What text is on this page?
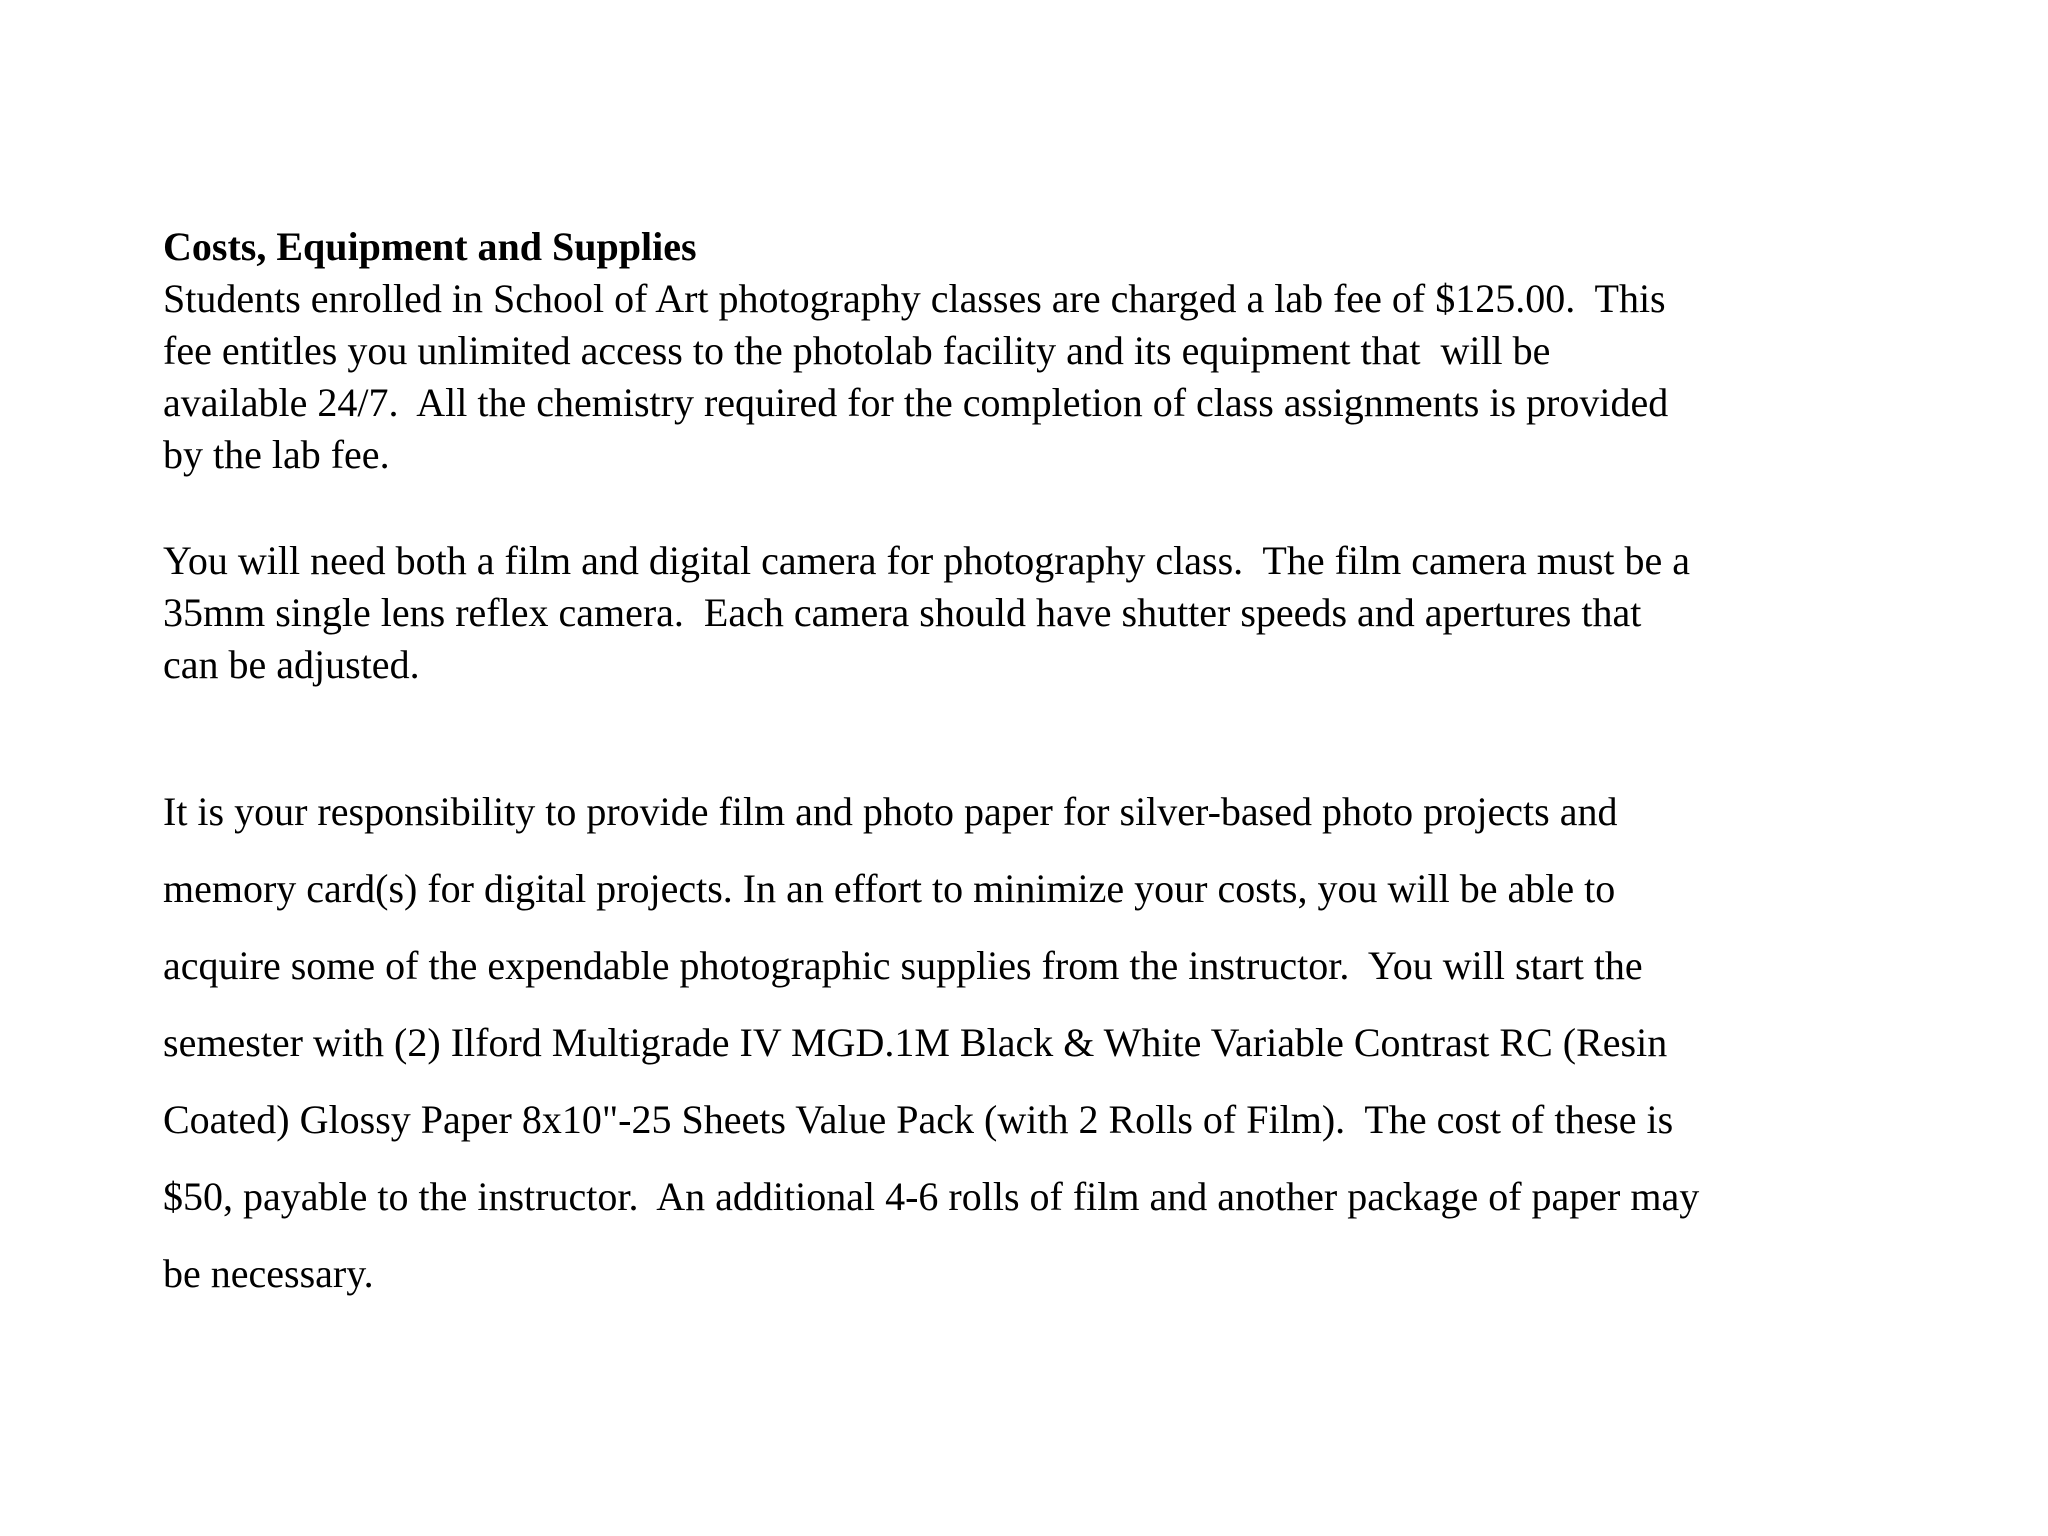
Costs, Equipment and Supplies
Students enrolled in School of Art photography classes are charged a lab fee of $125.00.  This
fee entitles you unlimited access to the photolab facility and its equipment that  will be
available 24/7.  All the chemistry required for the completion of class assignments is provided
by the lab fee.
You will need both a film and digital camera for photography class.  The film camera must be a
35mm single lens reflex camera.  Each camera should have shutter speeds and apertures that
can be adjusted.
It is your responsibility to provide film and photo paper for silver-based photo projects and
memory card(s) for digital projects. In an effort to minimize your costs, you will be able to
acquire some of the expendable photographic supplies from the instructor.  You will start the
semester with (2) Ilford Multigrade IV MGD.1M Black & White Variable Contrast RC (Resin
Coated) Glossy Paper 8x10"-25 Sheets Value Pack (with 2 Rolls of Film).  The cost of these is
$50, payable to the instructor.  An additional 4-6 rolls of film and another package of paper may
be necessary.
